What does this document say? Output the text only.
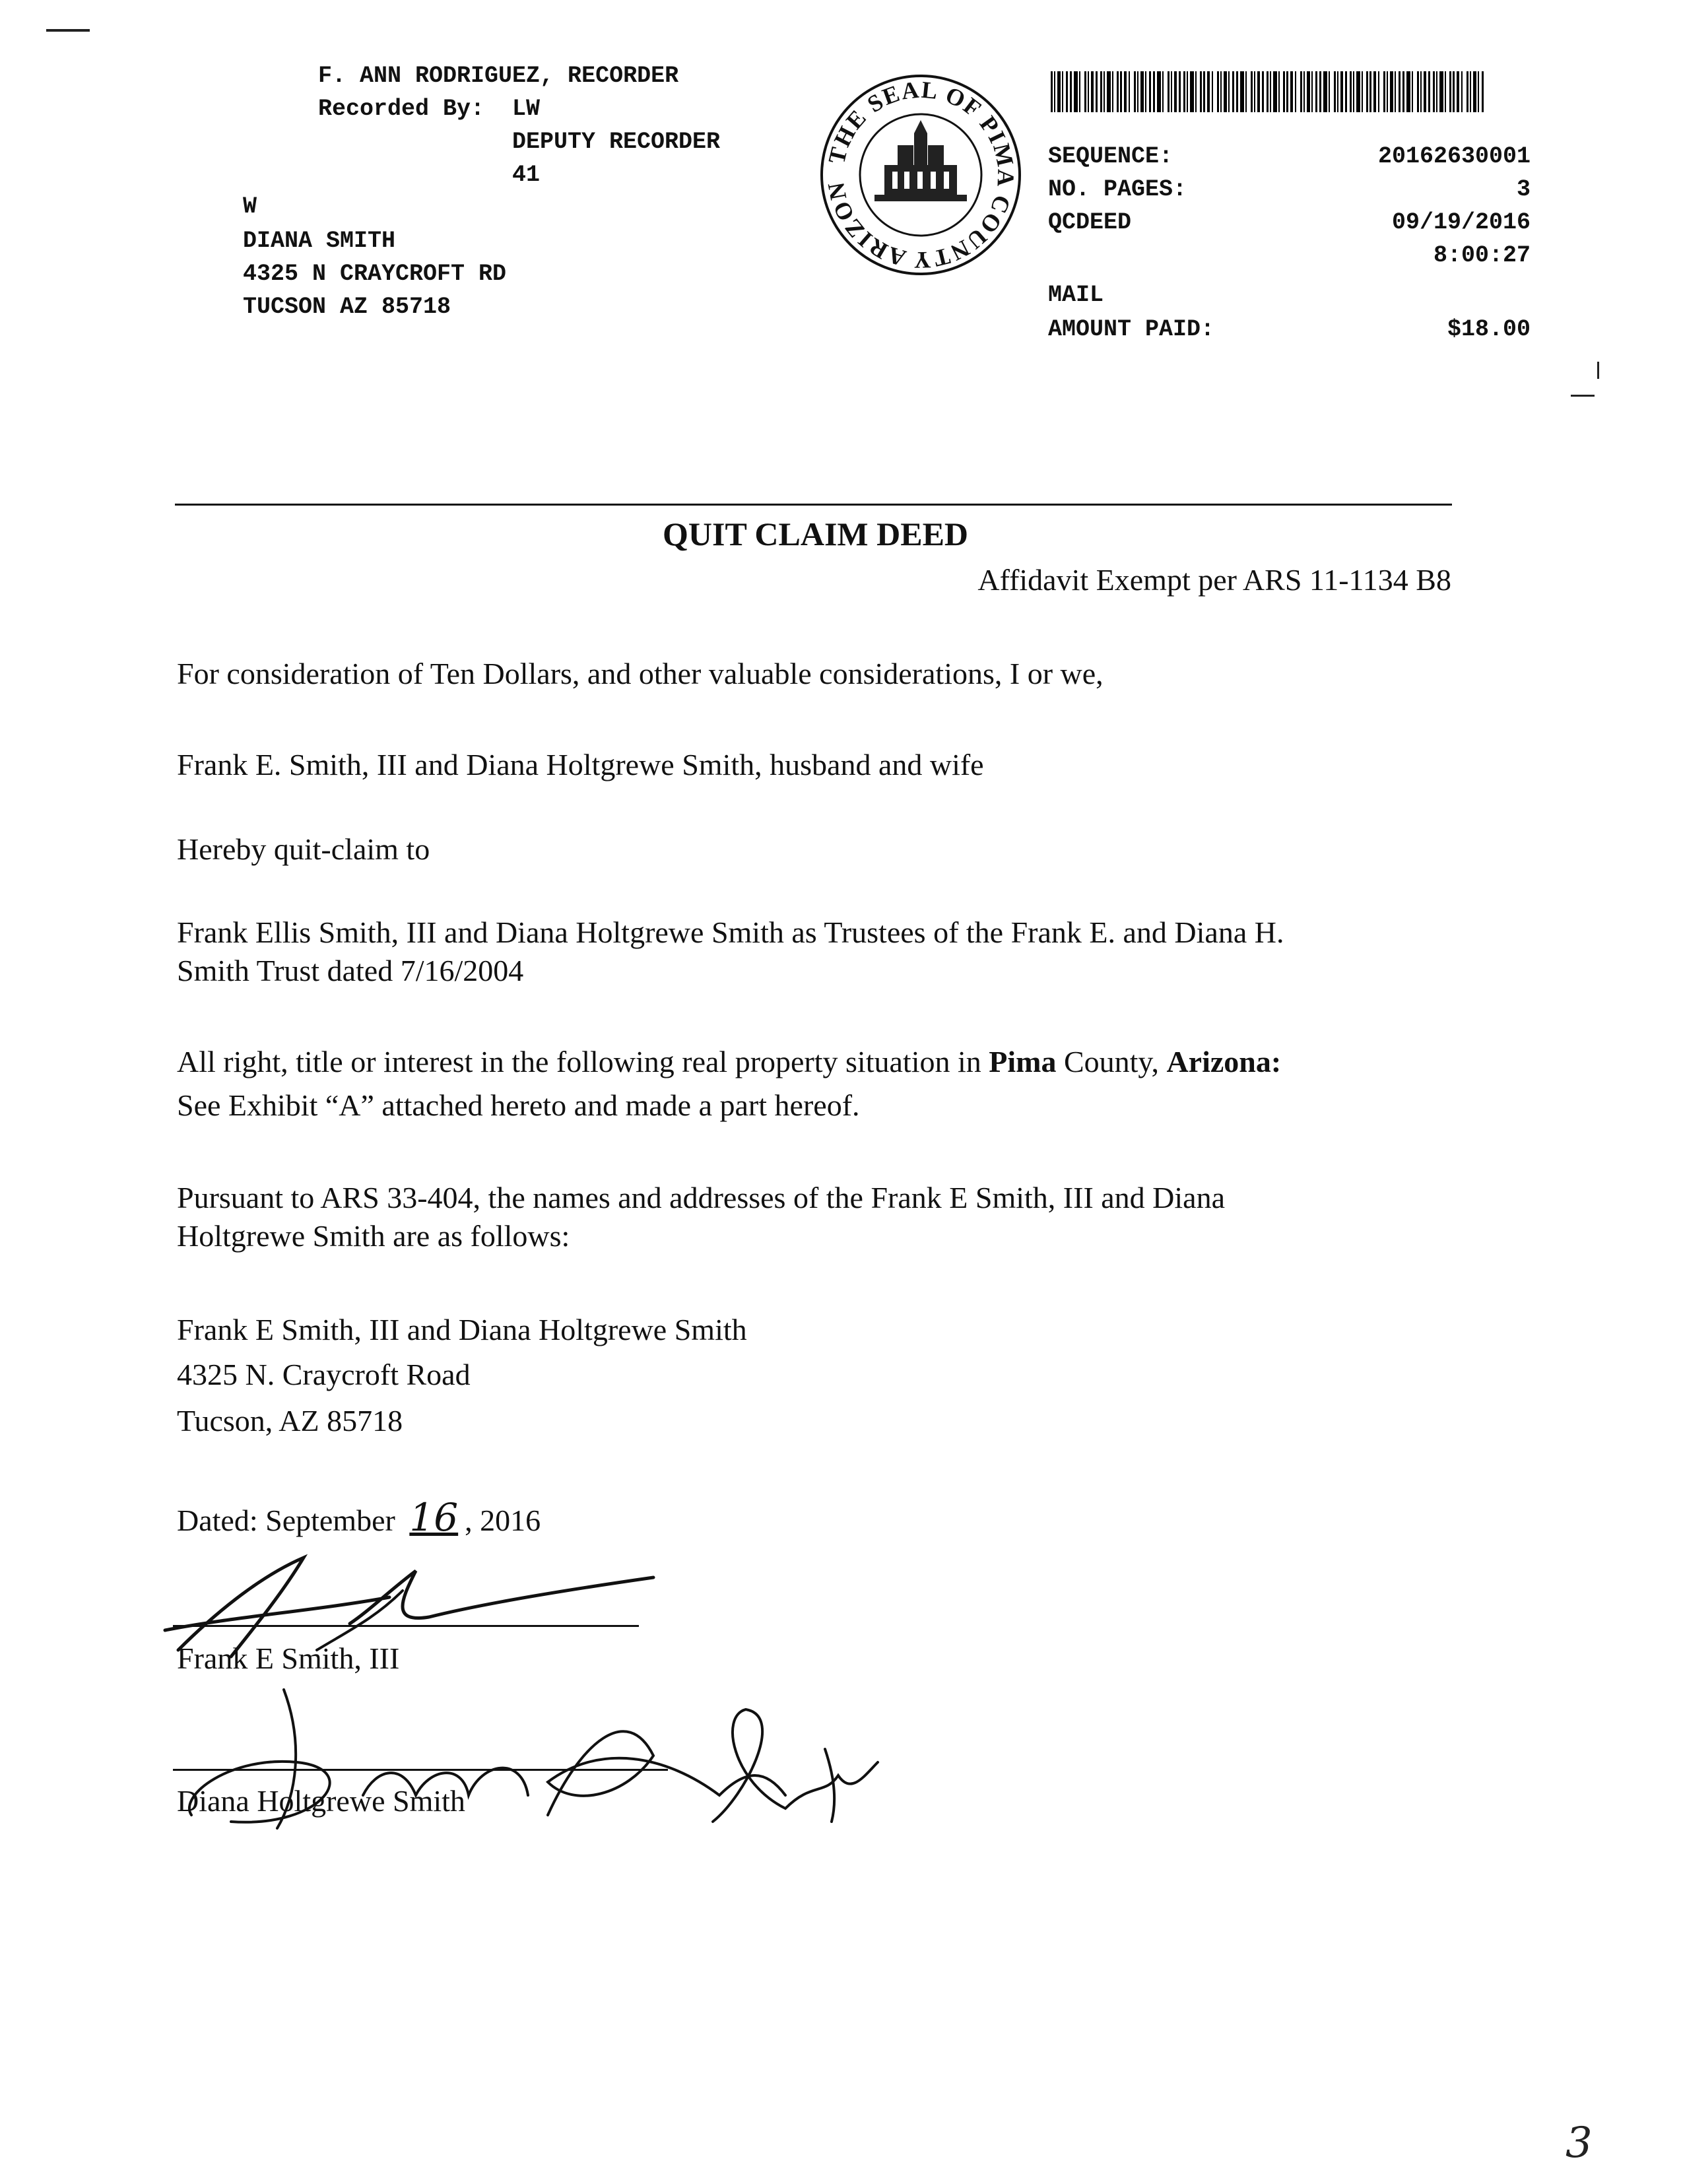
F. ANN RODRIGUEZ, RECORDER
Recorded By: LW
DEPUTY RECORDER
41
W
DIANA SMITH
4325 N CRAYCROFT RD
TUCSON AZ 85718
THE SEAL OF PIMA COUNTY ARIZONA
SEQUENCE:	20162630001
NO. PAGES:	3
QCDEED	09/19/2016
8:00:27
MAIL
AMOUNT PAID:	$18.00
QUIT CLAIM DEED
Affidavit Exempt per ARS 11-1134 B8
For consideration of Ten Dollars, and other valuable considerations, I or we,
Frank E. Smith, III and Diana Holtgrewe Smith, husband and wife
Hereby quit-claim to
Frank Ellis Smith, III and Diana Holtgrewe Smith as Trustees of the Frank E. and Diana H.
Smith Trust dated 7/16/2004
All right, title or interest in the following real property situation in Pima County, Arizona:
See Exhibit “A” attached hereto and made a part hereof.
Pursuant to ARS 33-404, the names and addresses of the Frank E Smith, III and Diana
Holtgrewe Smith are as follows:
Frank E Smith, III and Diana Holtgrewe Smith
4325 N. Craycroft Road
Tucson, AZ 85718
Dated: September 16 , 2016
Frank E Smith, III
Diana Holtgrewe Smith
3
